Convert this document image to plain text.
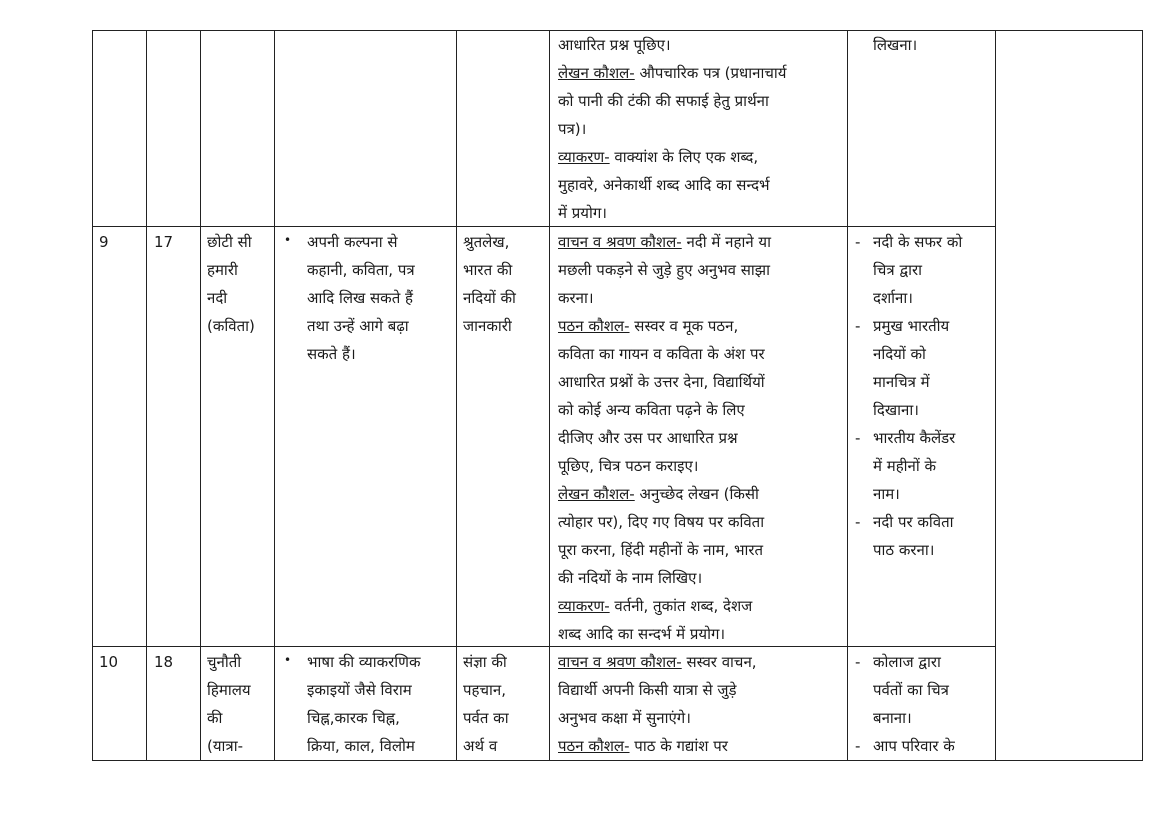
आधारित प्रश्न पूछिए।
लेखन कौशल- औपचारिक पत्र (प्रधानाचार्य
को पानी की टंकी की सफाई हेतु प्रार्थना
पत्र)।
व्याकरण- वाक्यांश के लिए एक शब्द,
मुहावरे, अनेकार्थी शब्द आदि का सन्दर्भ
में प्रयोग।
लिखना।
9	17 छोटी सी
हमारी
नदी
(कविता)
• अपनी कल्पना से
कहानी, कविता, पत्र
आदि लिख सकते हैं
तथा उन्हें आगे बढ़ा
सकते हैं।
श्रुतलेख,
भारत की
नदियों की
जानकारी
वाचन व श्रवण कौशल- नदी में नहाने या
मछली पकड़ने से जुड़े हुए अनुभव साझा
करना।
पठन कौशल- सस्वर व मूक पठन,
कविता का गायन व कविता के अंश पर
आधारित प्रश्नों के उत्तर देना, विद्यार्थियों
को कोई अन्य कविता पढ़ने के लिए
दीजिए और उस पर आधारित प्रश्न
पूछिए, चित्र पठन कराइए।
लेखन कौशल- अनुच्छेद लेखन (किसी
त्योहार पर), दिए गए विषय पर कविता
पूरा करना, हिंदी महीनों के नाम, भारत
की नदियों के नाम लिखिए।
व्याकरण- वर्तनी, तुकांत शब्द, देशज
शब्द आदि का सन्दर्भ में प्रयोग।
- नदी के सफर को
चित्र द्वारा
दर्शाना।
- प्रमुख भारतीय
नदियों को
मानचित्र में
दिखाना।
- भारतीय कैलेंडर
में महीनों के
नाम।
- नदी पर कविता
पाठ करना।
10 18 चुनौती
हिमालय
की
(यात्रा-
• भाषा की व्याकरणिक
इकाइयों जैसे विराम
चिह्न,कारक चिह्न,
क्रिया, काल, विलोम
संज्ञा की
पहचान,
पर्वत का
अर्थ व
वाचन व श्रवण कौशल- सस्वर वाचन,
विद्यार्थी अपनी किसी यात्रा से जुड़े
अनुभव कक्षा में सुनाएंगे।
पठन कौशल- पाठ के गद्यांश पर
- कोलाज द्वारा
पर्वतों का चित्र
बनाना।
- आप परिवार के
